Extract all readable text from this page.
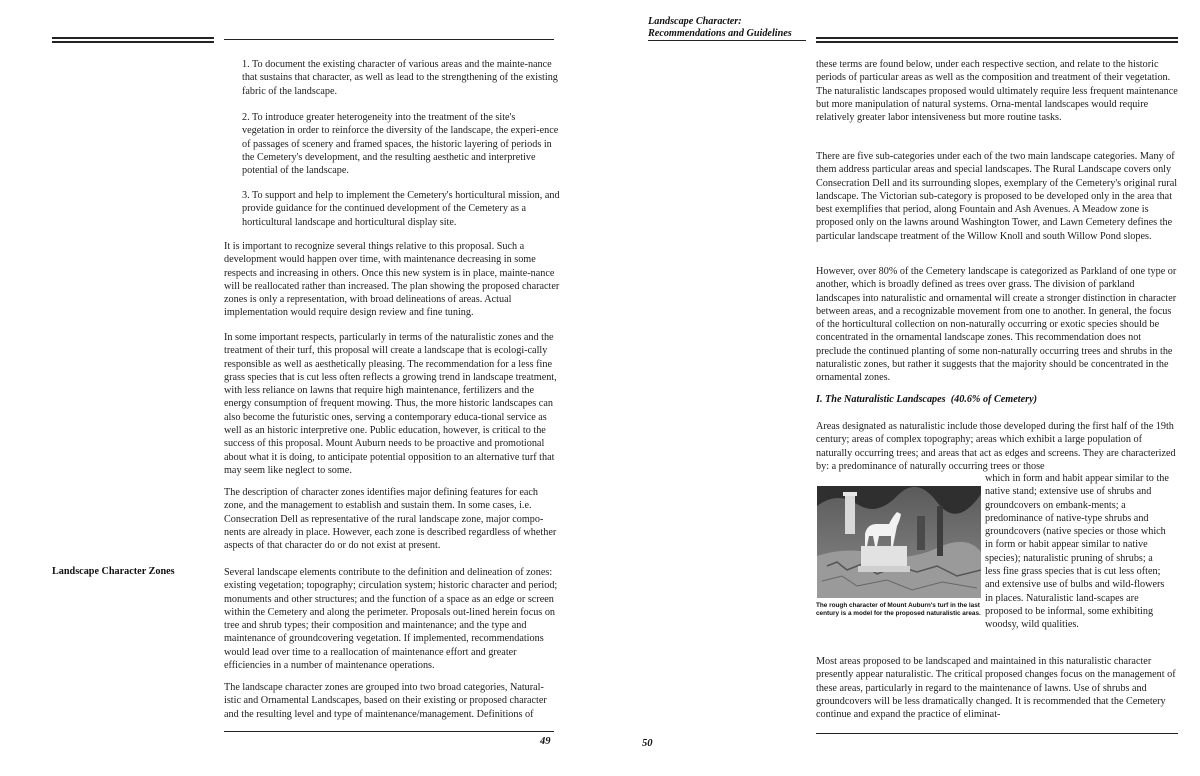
1. To document the existing character of various areas and the mainte-nance that sustains that character, as well as lead to the strengthening of the existing fabric of the landscape.

2. To introduce greater heterogeneity into the treatment of the site's vegetation in order to reinforce the diversity of the landscape, the experi-ence of passages of scenery and framed spaces, the historic layering of periods in the Cemetery's development, and the resulting aesthetic and interpretive potential of the landscape.

3. To support and help to implement the Cemetery's horticultural mission, and provide guidance for the continued development of the Cemetery as a horticultural landscape and horticultural display site.

It is important to recognize several things relative to this proposal. Such a development would happen over time, with maintenance decreasing in some respects and increasing in others. Once this new system is in place, mainte-nance will be reallocated rather than increased. The plan showing the proposed character zones is only a representation, with broad delineations of areas. Actual implementation would require design review and fine tuning.

In some important respects, particularly in terms of the naturalistic zones and the treatment of their turf, this proposal will create a landscape that is ecologi-cally responsible as well as aesthetically pleasing. The recommendation for a less fine grass species that is cut less often reflects a growing trend in landscape treatment, with less reliance on lawns that require high maintenance, fertilizers and the energy consumption of frequent mowing. Thus, the more historic landscapes can also become the futuristic ones, serving a contemporary educa-tional service as well as an historic interpretive one. Public education, however, is critical to the success of this proposal. Mount Auburn needs to be proactive and promotional about what it is doing, to anticipate potential opposition to an alternative turf that may seem like neglect to some.

The description of character zones identifies major defining features for each zone, and the management to establish and sustain them. In some cases, i.e. Consecration Dell as representative of the rural landscape zone, major compo-nents are already in place. However, each zone is described regardless of whether aspects of that character do or do not exist at present.

Landscape Character Zones	Several landscape elements contribute to the definition and delineation of zones: existing vegetation; topography; circulation system; historic character and period; monuments and other structures; and the function of a space as an edge or screen within the Cemetery and along the perimeter. Proposals out-lined herein focus on tree and shrub types; their composition and maintenance; and the type and maintenance of groundcovering vegetation. If implemented, recommendations would lead over time to a reallocation of maintenance effort and greater efficiencies in a number of maintenance operations.

The landscape character zones are grouped into two broad categories, Natural-istic and Ornamental Landscapes, based on their existing or proposed character and the resulting level and type of maintenance/management. Definitions of

49

Landscape Character:

Recommendations and Guidelines

these terms are found below, under each respective section, and relate to the historic periods of particular areas as well as the composition and treatment of their vegetation. The naturalistic landscapes proposed would ultimately require less frequent maintenance but more manipulation of natural systems. Orna-mental landscapes would require relatively greater labor intensiveness but more routine tasks.

There are five sub-categories under each of the two main landscape categories. Many of them address particular areas and special landscapes. The Rural Landscape covers only Consecration Dell and its surrounding slopes, exemplary of the Cemetery's original rural landscape. The Victorian sub-category is proposed to be developed only in the area that best exemplifies that period, along Fountain and Ash Avenues. A Meadow zone is proposed only on the lawns around Washington Tower, and Lawn Cemetery defines the particular landscape treatment of the Willow Knoll and south Willow Pond slopes.

However, over 80% of the Cemetery landscape is categorized as Parkland of one type or another, which is broadly defined as trees over grass. The division of parkland landscapes into naturalistic and ornamental will create a stronger distinction in character between areas, and a recognizable movement from one to another. In general, the focus of the horticultural collection on non-naturally occurring or exotic species should be concentrated in the ornamental landscape zones. This recommendation does not preclude the continued planting of some non-naturally occurring trees and shrubs in the naturalistic zones, but rather it suggests that the majority should be concentrated in the ornamental zones.

I. The Naturalistic Landscapes  (40.6% of Cemetery)

Areas designated as naturalistic include those developed during the first half of the 19th century; areas of complex topography; areas which exhibit a large population of naturally occurring trees; and areas that act as edges and screens. They are characterized by: a predominance of naturally occurring trees or those

The rough character of Mount Auburn's turf in the last century is a model for the proposed naturalistic areas.

which in form and habit appear similar to the native stand; extensive use of shrubs and groundcovers on embank-ments; a predominance of native-type shrubs and groundcovers (native species or those which in form or habit appear similar to native species); naturalistic pruning of shrubs; a less fine grass species that is cut less often; and extensive use of bulbs and wild-flowers in places. Naturalistic land-scapes are proposed to be informal, some exhibiting woodsy, wild qualities.

Most areas proposed to be landscaped and maintained in this naturalistic character presently appear naturalistic. The critical proposed changes focus on the management of these areas, particularly in regard to the maintenance of lawns. Use of shrubs and groundcovers will be less dramatically changed. It is recommended that the Cemetery continue and expand the practice of eliminat-

50
